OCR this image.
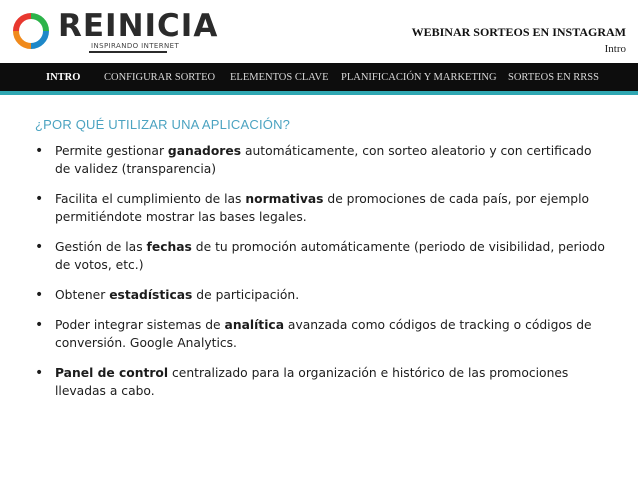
REINICIA
INSPIRANDO INTERNET
WEBINAR SORTEOS EN INSTAGRAM
Intro
INTRO CONFIGURAR SORTEO ELEMENTOS CLAVE PLANIFICACIÓN Y MARKETING SORTEOS EN RRSS
¿POR QUÉ UTILIZAR UNA APLICACIÓN?
• Permite gestionar ganadores automáticamente, con sorteo aleatorio y con certificado de validez (transparencia)
• Facilita el cumplimiento de las normativas de promociones de cada país, por ejemplo permitiéndote mostrar las bases legales.
• Gestión de las fechas de tu promoción automáticamente (periodo de visibilidad, periodo de votos, etc.)
• Obtener estadísticas de participación.
• Poder integrar sistemas de analítica avanzada como códigos de tracking o códigos de conversión. Google Analytics.
• Panel de control centralizado para la organización e histórico de las promociones llevadas a cabo.
